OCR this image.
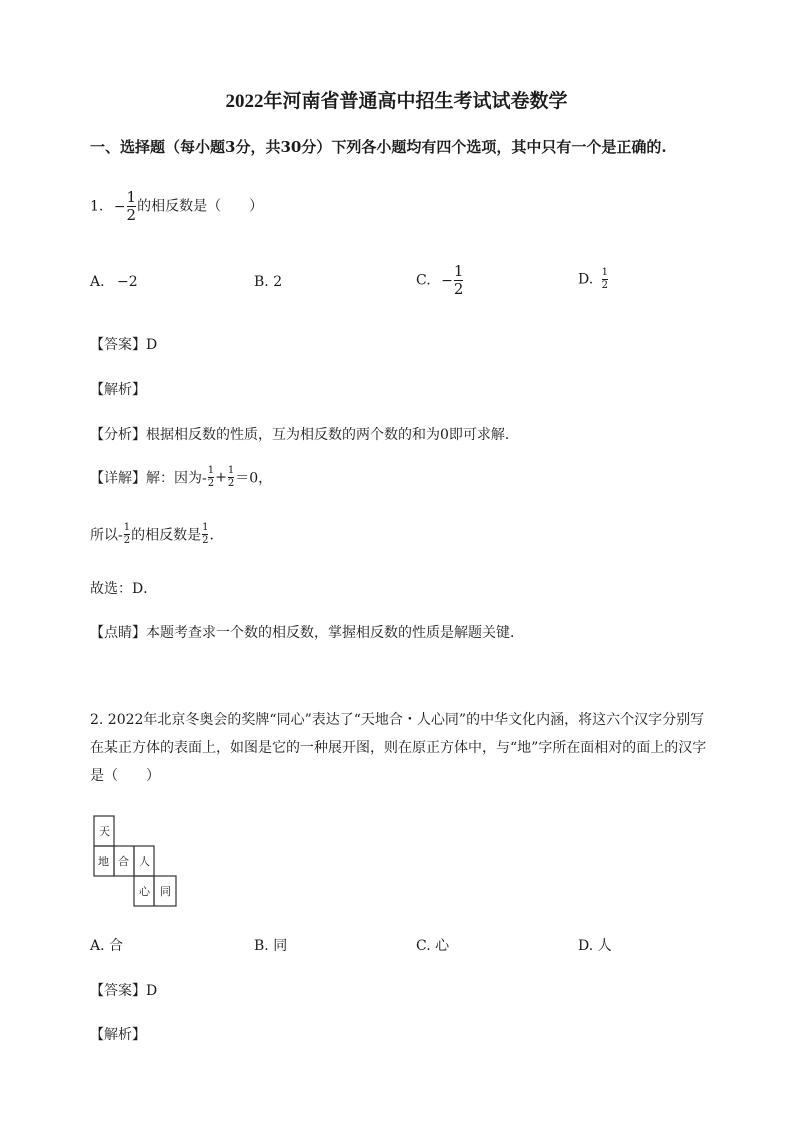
2022年河南省普通高中招生考试试卷数学
一、选择题（每小题3分，共30分）下列各小题均有四个选项，其中只有一个是正确的.
1. − $\frac{1}{2}$ 的相反数是（　　）
A. −2	B. 2	C. − $\frac{1}{2}$	D. $\frac{1}{2}$
【答案】D
【解析】
【分析】根据相反数的性质，互为相反数的两个数的和为0即可求解．
【详解】解：因为- $\frac{1}{2} + \frac{1}{2} =0$，
所以- $\frac{1}{2}$ 的相反数是 $\frac{1}{2}$ ．
故选：D．
【点睛】本题考查求一个数的相反数，掌握相反数的性质是解题关键．
2. 2022年北京冬奥会的奖牌“同心”表达了“天地合・人心同”的中华文化内涵，将这六个汉字分别写在某正方体的表面上，如图是它的一种展开图，则在原正方体中，与“地”字所在面相对的面上的汉字是（　　）
天
地 合 人
心 同
A. 合	B. 同	C. 心	D. 人
【答案】D
【解析】
